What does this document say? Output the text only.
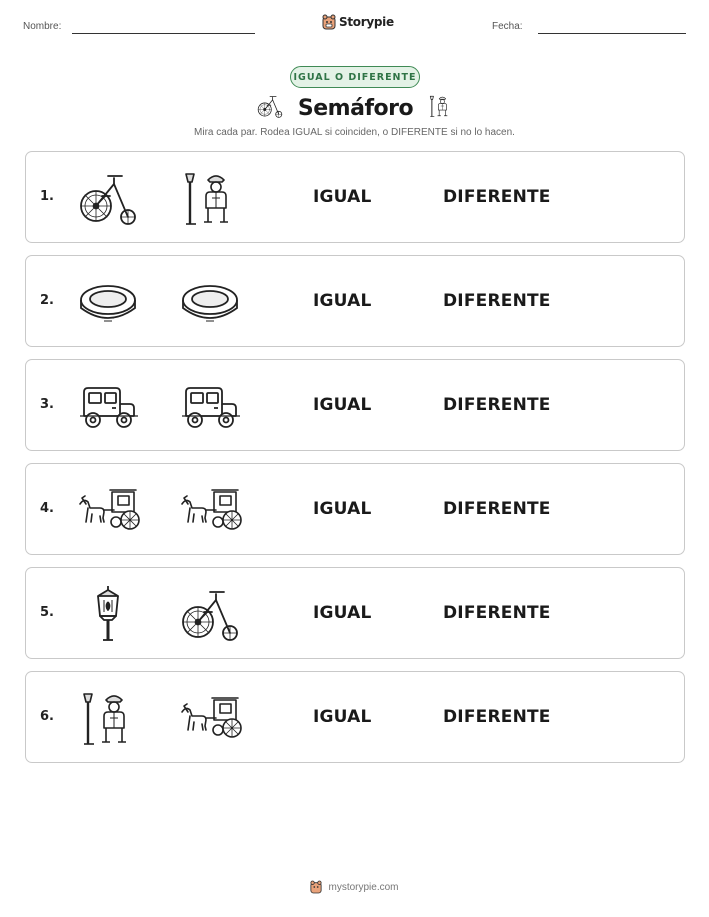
Nombre:	Storypie	Fecha:
IGUAL O DIFERENTE
Semáforo
Mira cada par. Rodea IGUAL si coinciden, o DIFERENTE si no lo hacen.
1.	IGUAL	DIFERENTE
2.	IGUAL	DIFERENTE
3.	IGUAL	DIFERENTE
4.	IGUAL	DIFERENTE
5.	IGUAL	DIFERENTE
6.	IGUAL	DIFERENTE
mystorypie.com
